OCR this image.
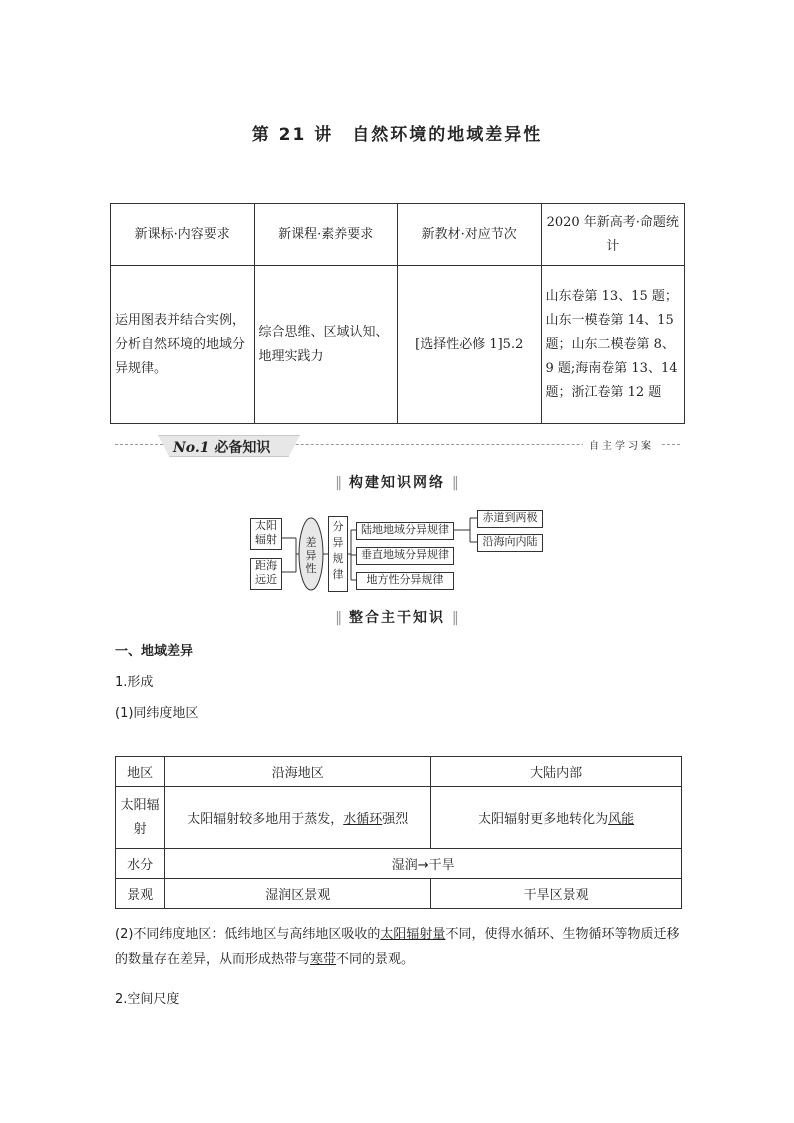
第 21 讲　自然环境的地域差异性
新课标·内容要求	新课程·素养要求	新教材·对应节次	2020 年新高考·命题统计
运用图表并结合实例，分析自然环境的地域分异规律。	综合思维、区域认知、地理实践力	[选择性必修 1]5.2	山东卷第 13、15 题；山东一模卷第 14、15 题；山东二模卷第 8、9 题;海南卷第 13、14 题；浙江卷第 12 题
No.1 必备知识	自主学习案
‖ 构建知识网络 ‖
太阳辐射
距海远近
差异性
分异规律
陆地地域分异规律
垂直地域分异规律
地方性分异规律
赤道到两极
沿海向内陆
‖ 整合主干知识 ‖
一、地域差异
1.形成
(1)同纬度地区
地区	沿海地区	大陆内部
太阳辐射	太阳辐射较多地用于蒸发，水循环强烈	太阳辐射更多地转化为风能
水分	湿润→干旱	
景观	湿润区景观	干旱区景观
(2)不同纬度地区：低纬地区与高纬地区吸收的太阳辐射量不同，使得水循环、生物循环等物质迁移的数量存在差异，从而形成热带与寒带不同的景观。
2.空间尺度
